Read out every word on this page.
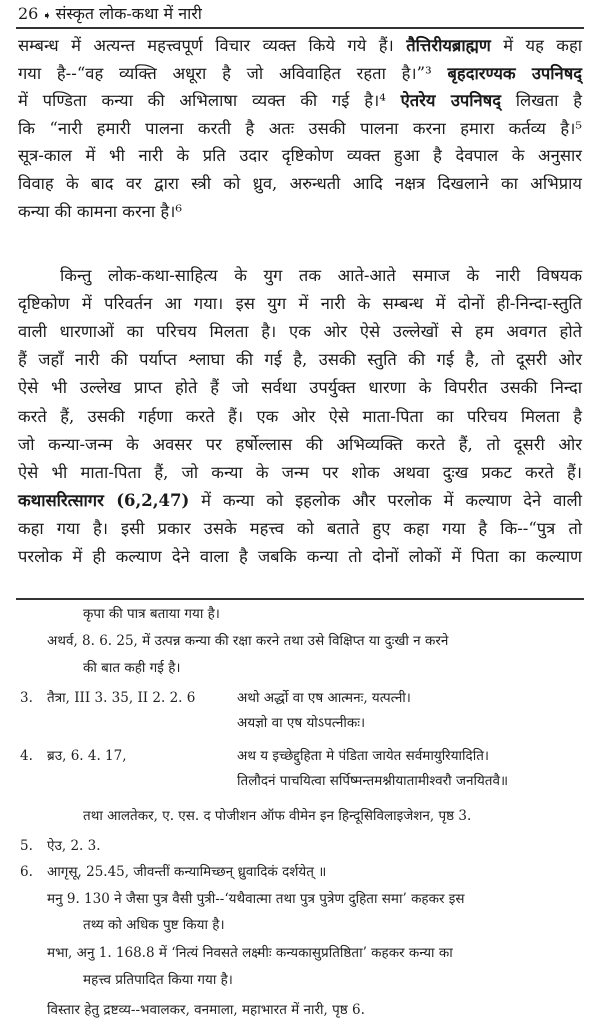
26 ➧ संस्कृत लोक-कथा में नारी
सम्बन्ध में अत्यन्त महत्त्वपूर्ण विचार व्यक्त किये गये हैं। तैत्तिरीयब्राह्मण में यह कहा
गया है--“वह व्यक्ति अधूरा है जो अविवाहित रहता है।”³ बृहदारण्यक उपनिषद्
में पण्डिता कन्या की अभिलाषा व्यक्त की गई है।⁴ ऐतरेय उपनिषद् लिखता है
कि “नारी हमारी पालना करती है अतः उसकी पालना करना हमारा कर्तव्य है।⁵
सूत्र-काल में भी नारी के प्रति उदार दृष्टिकोण व्यक्त हुआ है देवपाल के अनुसार
विवाह के बाद वर द्वारा स्त्री को ध्रुव, अरुन्धती आदि नक्षत्र दिखलाने का अभिप्राय
कन्या की कामना करना है।⁶
किन्तु लोक-कथा-साहित्य के युग तक आते-आते समाज के नारी विषयक
दृष्टिकोण में परिवर्तन आ गया। इस युग में नारी के सम्बन्ध में दोनों ही-निन्दा-स्तुति
वाली धारणाओं का परिचय मिलता है। एक ओर ऐसे उल्लेखों से हम अवगत होते
हैं जहाँ नारी की पर्याप्त श्लाघा की गई है, उसकी स्तुति की गई है, तो दूसरी ओर
ऐसे भी उल्लेख प्राप्त होते हैं जो सर्वथा उपर्युक्त धारणा के विपरीत उसकी निन्दा
करते हैं, उसकी गर्हणा करते हैं। एक ओर ऐसे माता-पिता का परिचय मिलता है
जो कन्या-जन्म के अवसर पर हर्षोल्लास की अभिव्यक्ति करते हैं, तो दूसरी ओर
ऐसे भी माता-पिता हैं, जो कन्या के जन्म पर शोक अथवा दुःख प्रकट करते हैं।
कथासरित्सागर (6,2,47) में कन्या को इहलोक और परलोक में कल्याण देने वाली
कहा गया है। इसी प्रकार उसके महत्त्व को बताते हुए कहा गया है कि--“पुत्र तो
परलोक में ही कल्याण देने वाला है जबकि कन्या तो दोनों लोकों में पिता का कल्याण
कृपा की पात्र बताया गया है।
अथर्व, 8. 6. 25, में उत्पन्न कन्या की रक्षा करने तथा उसे विक्षिप्त या दुःखी न करने
की बात कही गई है।
3. तैत्रा, III 3. 35, II 2. 2. 6	अथो अर्द्धो वा एष आत्मनः, यत्पत्नी।
अयज्ञो वा एष योऽपत्नीकः।
4. ब्रउ, 6. 4. 17,	अथ य इच्छेद्दुहिता मे पंडिता जायेत सर्वमायुरियादिति।
तिलौदनं पाचयित्वा सर्पिष्मन्तमश्नीयातामीश्वरौ जनयितवै॥
तथा आलतेकर, ए. एस. द पोजीशन ऑफ वीमेन इन हिन्दूसिविलाइजेशन, पृष्ठ 3.
5. ऐउ, 2. 3.
6. आगृसू, 25.45, जीवन्तीं कन्यामिच्छन् ध्रुवादिकं दर्शयेत् ॥
मनु 9. 130 ने जैसा पुत्र वैसी पुत्री--‘यथैवात्मा तथा पुत्र पुत्रेण दुहिता समा’ कहकर इस
तथ्य को अधिक पुष्ट किया है।
मभा, अनु 1. 168.8 में ‘नित्यं निवसते लक्ष्मीः कन्यकासुप्रतिष्ठिता’ कहकर कन्या का
महत्त्व प्रतिपादित किया गया है।
विस्तार हेतु द्रष्टव्य--भवालकर, वनमाला, महाभारत में नारी, पृष्ठ 6.
